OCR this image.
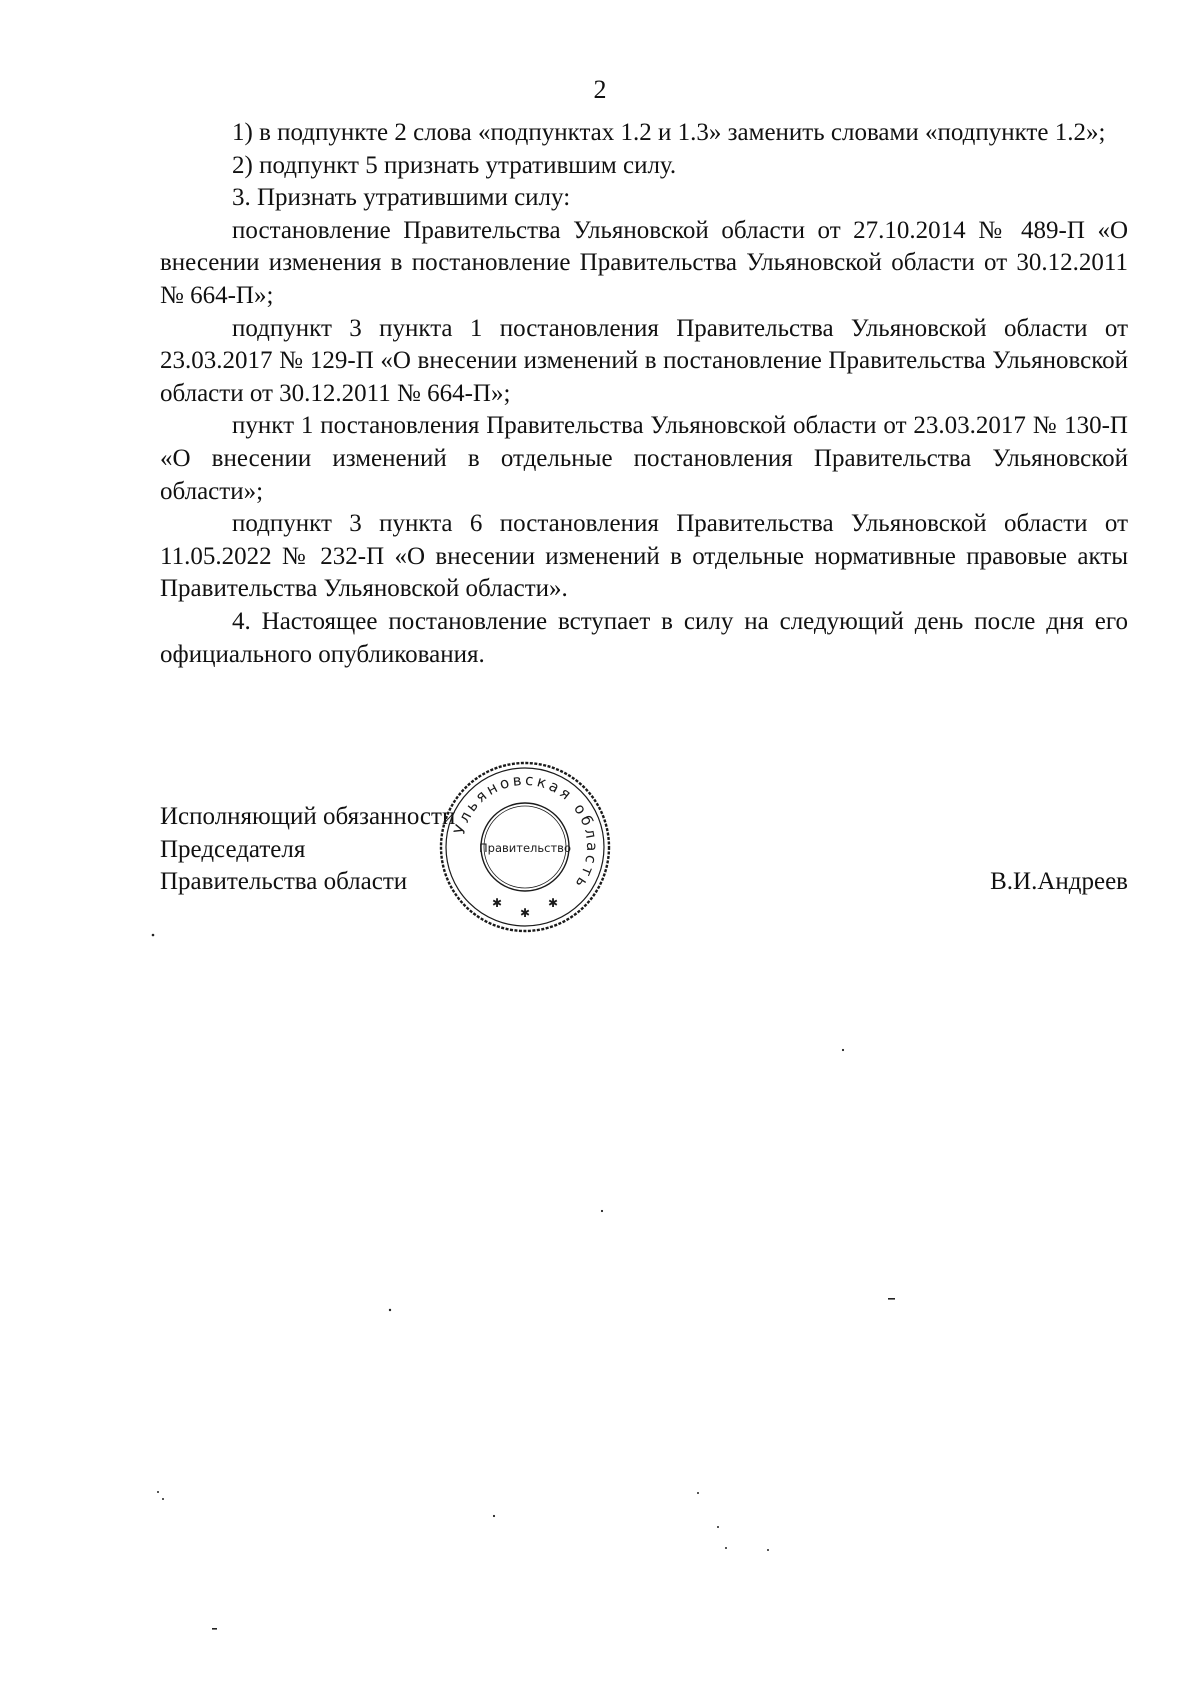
2

1) в подпункте 2 слова «подпунктах 1.2 и 1.3» заменить словами «подпункте 1.2»;

2) подпункт 5 признать утратившим силу.

3. Признать утратившими силу:

постановление Правительства Ульяновской области от 27.10.2014 № 489-П «О внесении изменения в постановление Правительства Ульяновской области от 30.12.2011 № 664-П»;

подпункт 3 пункта 1 постановления Правительства Ульяновской области от 23.03.2017 № 129-П «О внесении изменений в постановление Правительства Ульяновской области от 30.12.2011 № 664-П»;

пункт 1 постановления Правительства Ульяновской области от 23.03.2017 № 130-П «О внесении изменений в отдельные постановления Правительства Ульяновской области»;

подпункт 3 пункта 6 постановления Правительства Ульяновской области от 11.05.2022 № 232-П «О внесении изменений в отдельные нормативные правовые акты Правительства Ульяновской области».

4. Настоящее постановление вступает в силу на следующий день после дня его официального опубликования.

Исполняющий обязанности
Председателя
Правительства области	В.И.Андреев
Ульяновская область
Правительство
✱
✱
✱
